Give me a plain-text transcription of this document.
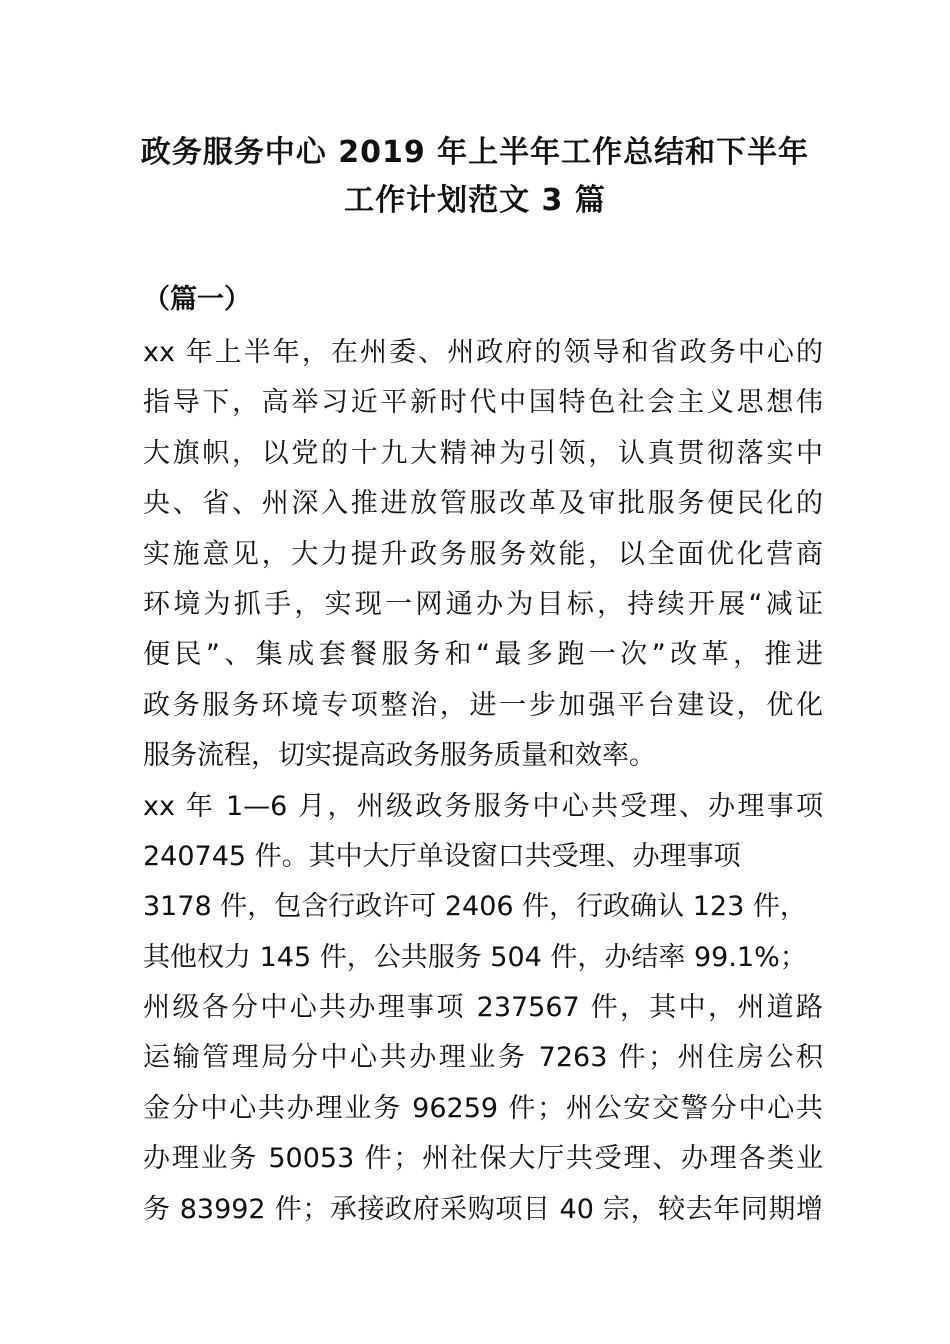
政务服务中心 2019 年上半年工作总结和下半年
工作计划范文 3 篇
（篇一）
xx 年上半年，在州委、州政府的领导和省政务中心的
指导下，高举习近平新时代中国特色社会主义思想伟
大旗帜，以党的十九大精神为引领，认真贯彻落实中
央、省、州深入推进放管服改革及审批服务便民化的
实施意见，大力提升政务服务效能，以全面优化营商
环境为抓手，实现一网通办为目标，持续开展“减证
便民”、集成套餐服务和“最多跑一次”改革，推进
政务服务环境专项整治，进一步加强平台建设，优化
服务流程，切实提高政务服务质量和效率。
xx 年 1—6 月，州级政务服务中心共受理、办理事项
240745 件。其中大厅单设窗口共受理、办理事项
3178 件，包含行政许可 2406 件，行政确认 123 件，
其他权力 145 件，公共服务 504 件，办结率 99.1%；
州级各分中心共办理事项 237567 件，其中，州道路
运输管理局分中心共办理业务 7263 件；州住房公积
金分中心共办理业务 96259 件；州公安交警分中心共
办理业务 50053 件；州社保大厅共受理、办理各类业
务 83992 件；承接政府采购项目 40 宗，较去年同期增
